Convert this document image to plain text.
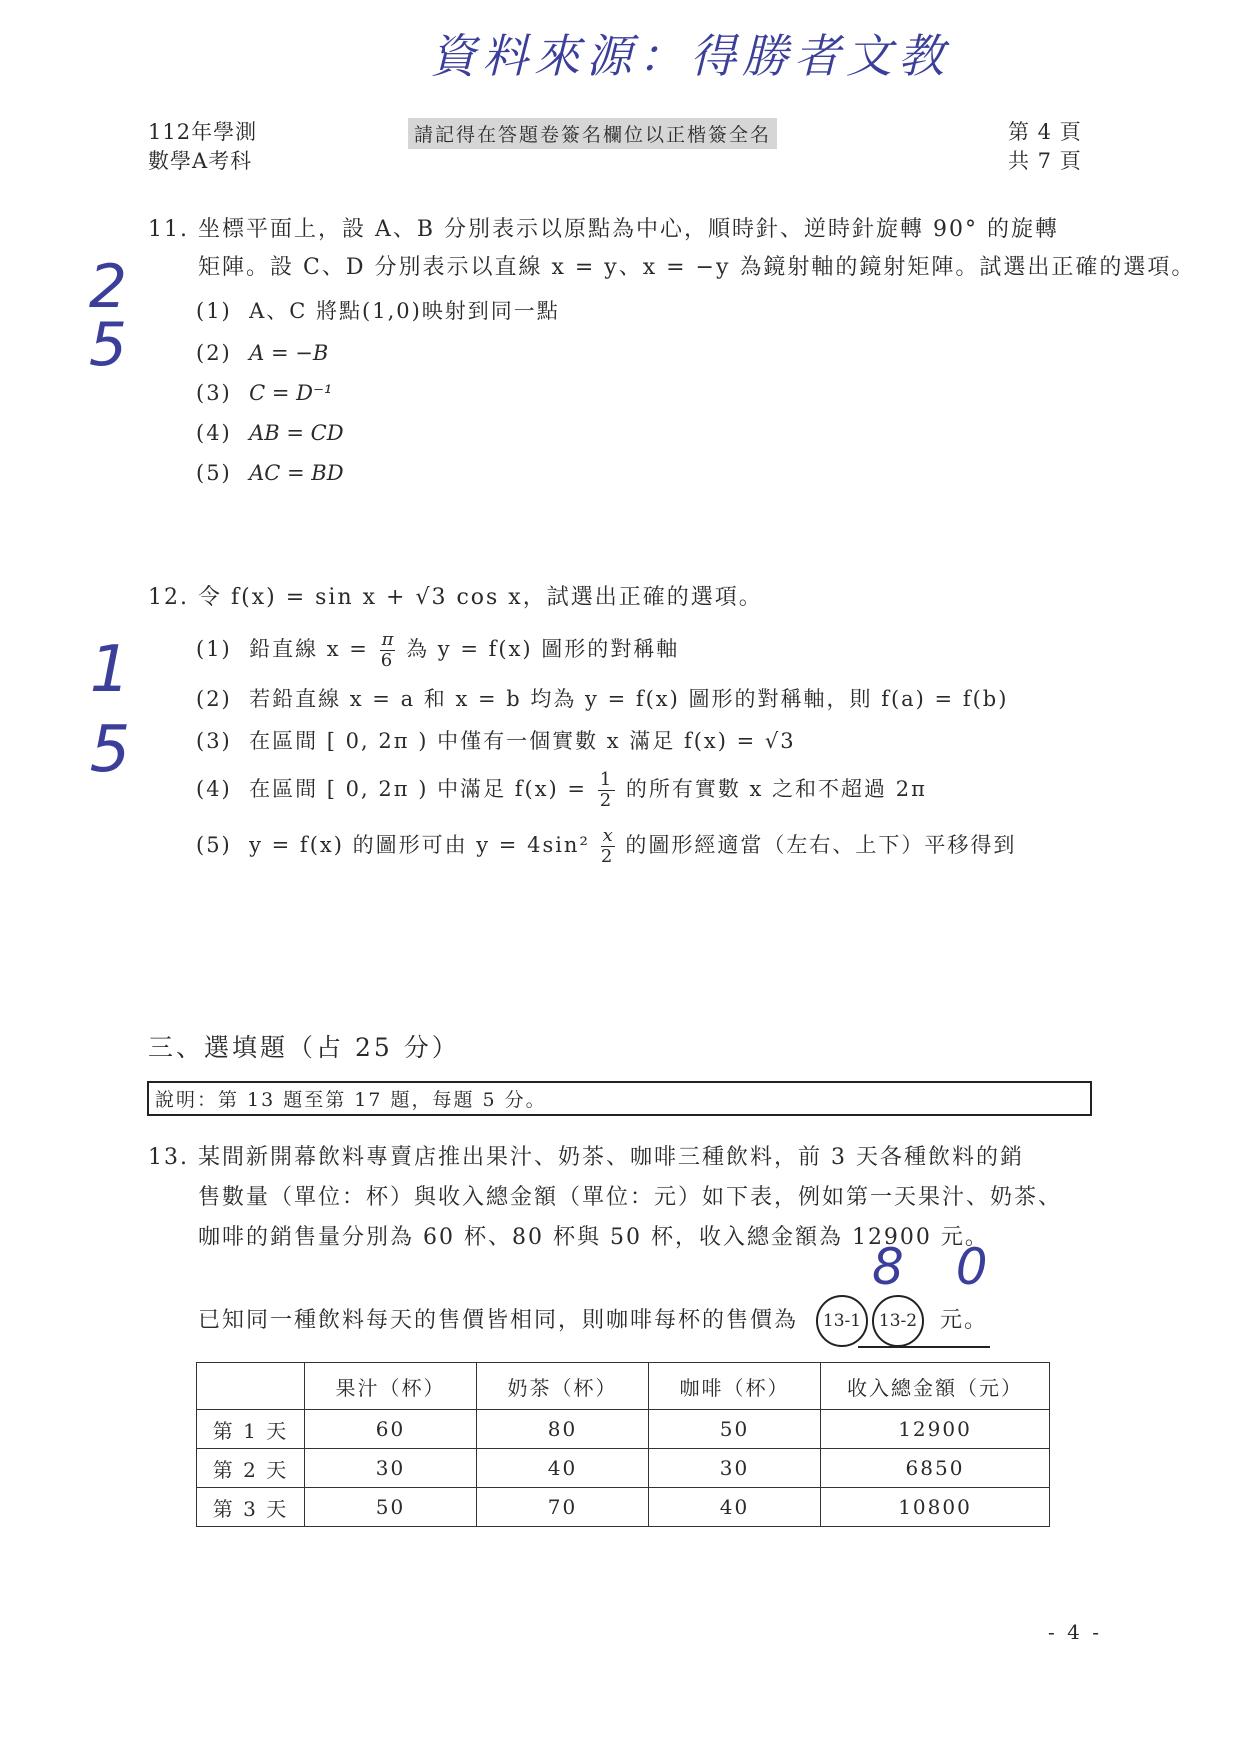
資料來源：得勝者文教
112年學測
數學A考科
請記得在答題卷簽名欄位以正楷簽全名	第 4 頁
共 7 頁
11. 坐標平面上，設 A、B 分別表示以原點為中心，順時針、逆時針旋轉 90° 的旋轉
矩陣。設 C、D 分別表示以直線 x = y、x = −y 為鏡射軸的鏡射矩陣。試選出正確的選項。
(1) A、C 將點(1,0)映射到同一點
(2) A = −B
(3) C = D⁻¹
(4) AB = CD
(5) AC = BD
2 5
12. 令 f(x) = sin x + √3 cos x，試選出正確的選項。
(1) 鉛直線 $x = \frac{\pi}{6}$ 為 y = f(x) 圖形的對稱軸
(2) 若鉛直線 x = a 和 x = b 均為 y = f(x) 圖形的對稱軸，則 f(a) = f(b)
(3) 在區間 [ 0, 2π ) 中僅有一個實數 x 滿足 f(x) = √3
(4) 在區間 [ 0, 2π ) 中滿足 $f(x) = \frac{1}{2}$ 的所有實數 x 之和不超過 2π
(5) y = f(x) 的圖形可由 $y = 4\sin^2 \frac{x}{2}$ 的圖形經適當（左右、上下）平移得到
1 5
三、選填題（占 25 分）
說明：第 13 題至第 17 題，每題 5 分。
13. 某間新開幕飲料專賣店推出果汁、奶茶、咖啡三種飲料，前 3 天各種飲料的銷
售數量（單位：杯）與收入總金額（單位：元）如下表，例如第一天果汁、奶茶、
咖啡的銷售量分別為 60 杯、80 杯與 50 杯，收入總金額為 12900 元。
8 0
已知同一種飲料每天的售價皆相同，則咖啡每杯的售價為	13-1	13-2	元。
	果汁（杯）	奶茶（杯）	咖啡（杯）	收入總金額（元）
第 1 天	60	80	50	12900
第 2 天	30	40	30	6850
第 3 天	50	70	40	10800
- 4 -
